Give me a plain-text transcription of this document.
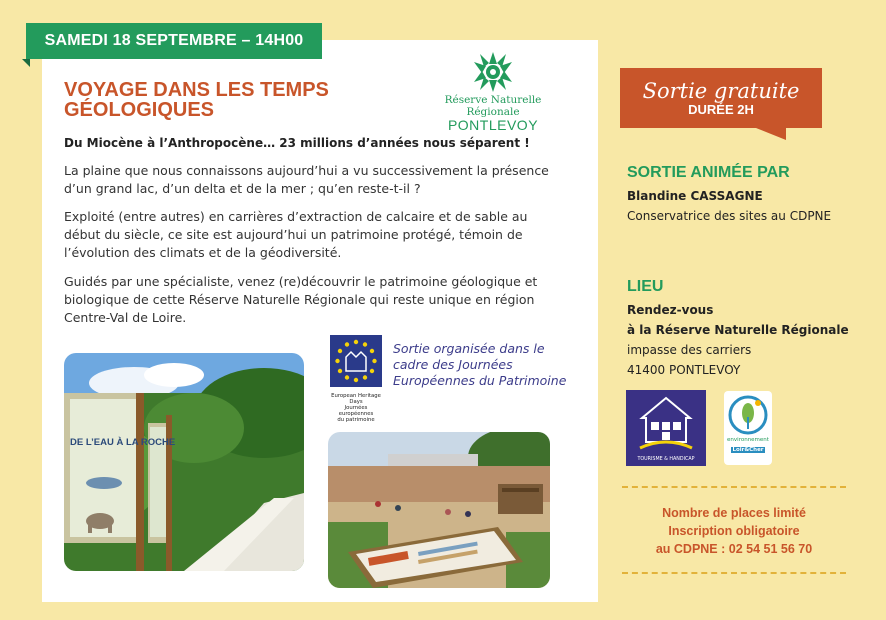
SAMEDI 18 SEPTEMBRE – 14H00
VOYAGE DANS LES TEMPS
GÉOLOGIQUES	Réserve Naturelle Régionale
PONTLEVOY
Du Miocène à l’Anthropocène… 23 millions d’années nous séparent !
La plaine que nous connaissons aujourd’hui a vu successivement la présence d’un grand lac, d’un delta et de la mer ; qu’en reste-t-il ?
Exploité (entre autres) en carrières d’extraction de calcaire et de sable au début du siècle, ce site est aujourd’hui un patrimoine protégé, témoin de l’évolution des climats et de la géodiversité.
Guidés par une spécialiste, venez (re)découvrir le patrimoine géologique et biologique de cette Réserve Naturelle Régionale qui reste unique en région Centre-Val de Loire.
DE L’EAU À LA ROCHE
European Heritage Days
Journées européennes
du patrimoine
Sortie organisée dans le cadre des Journées Européennes du Patrimoine
Sortie gratuite
DURÉE 2H
SORTIE ANIMÉE PAR
Blandine CASSAGNE
Conservatrice des sites au CDPNE
LIEU
Rendez-vous
à la Réserve Naturelle Régionale
impasse des carriers
41400 PONTLEVOY
TOURISME & HANDICAP
environnement
Loir&Cher
Nombre de places limité
Inscription obligatoire
au CDPNE : 02 54 51 56 70
